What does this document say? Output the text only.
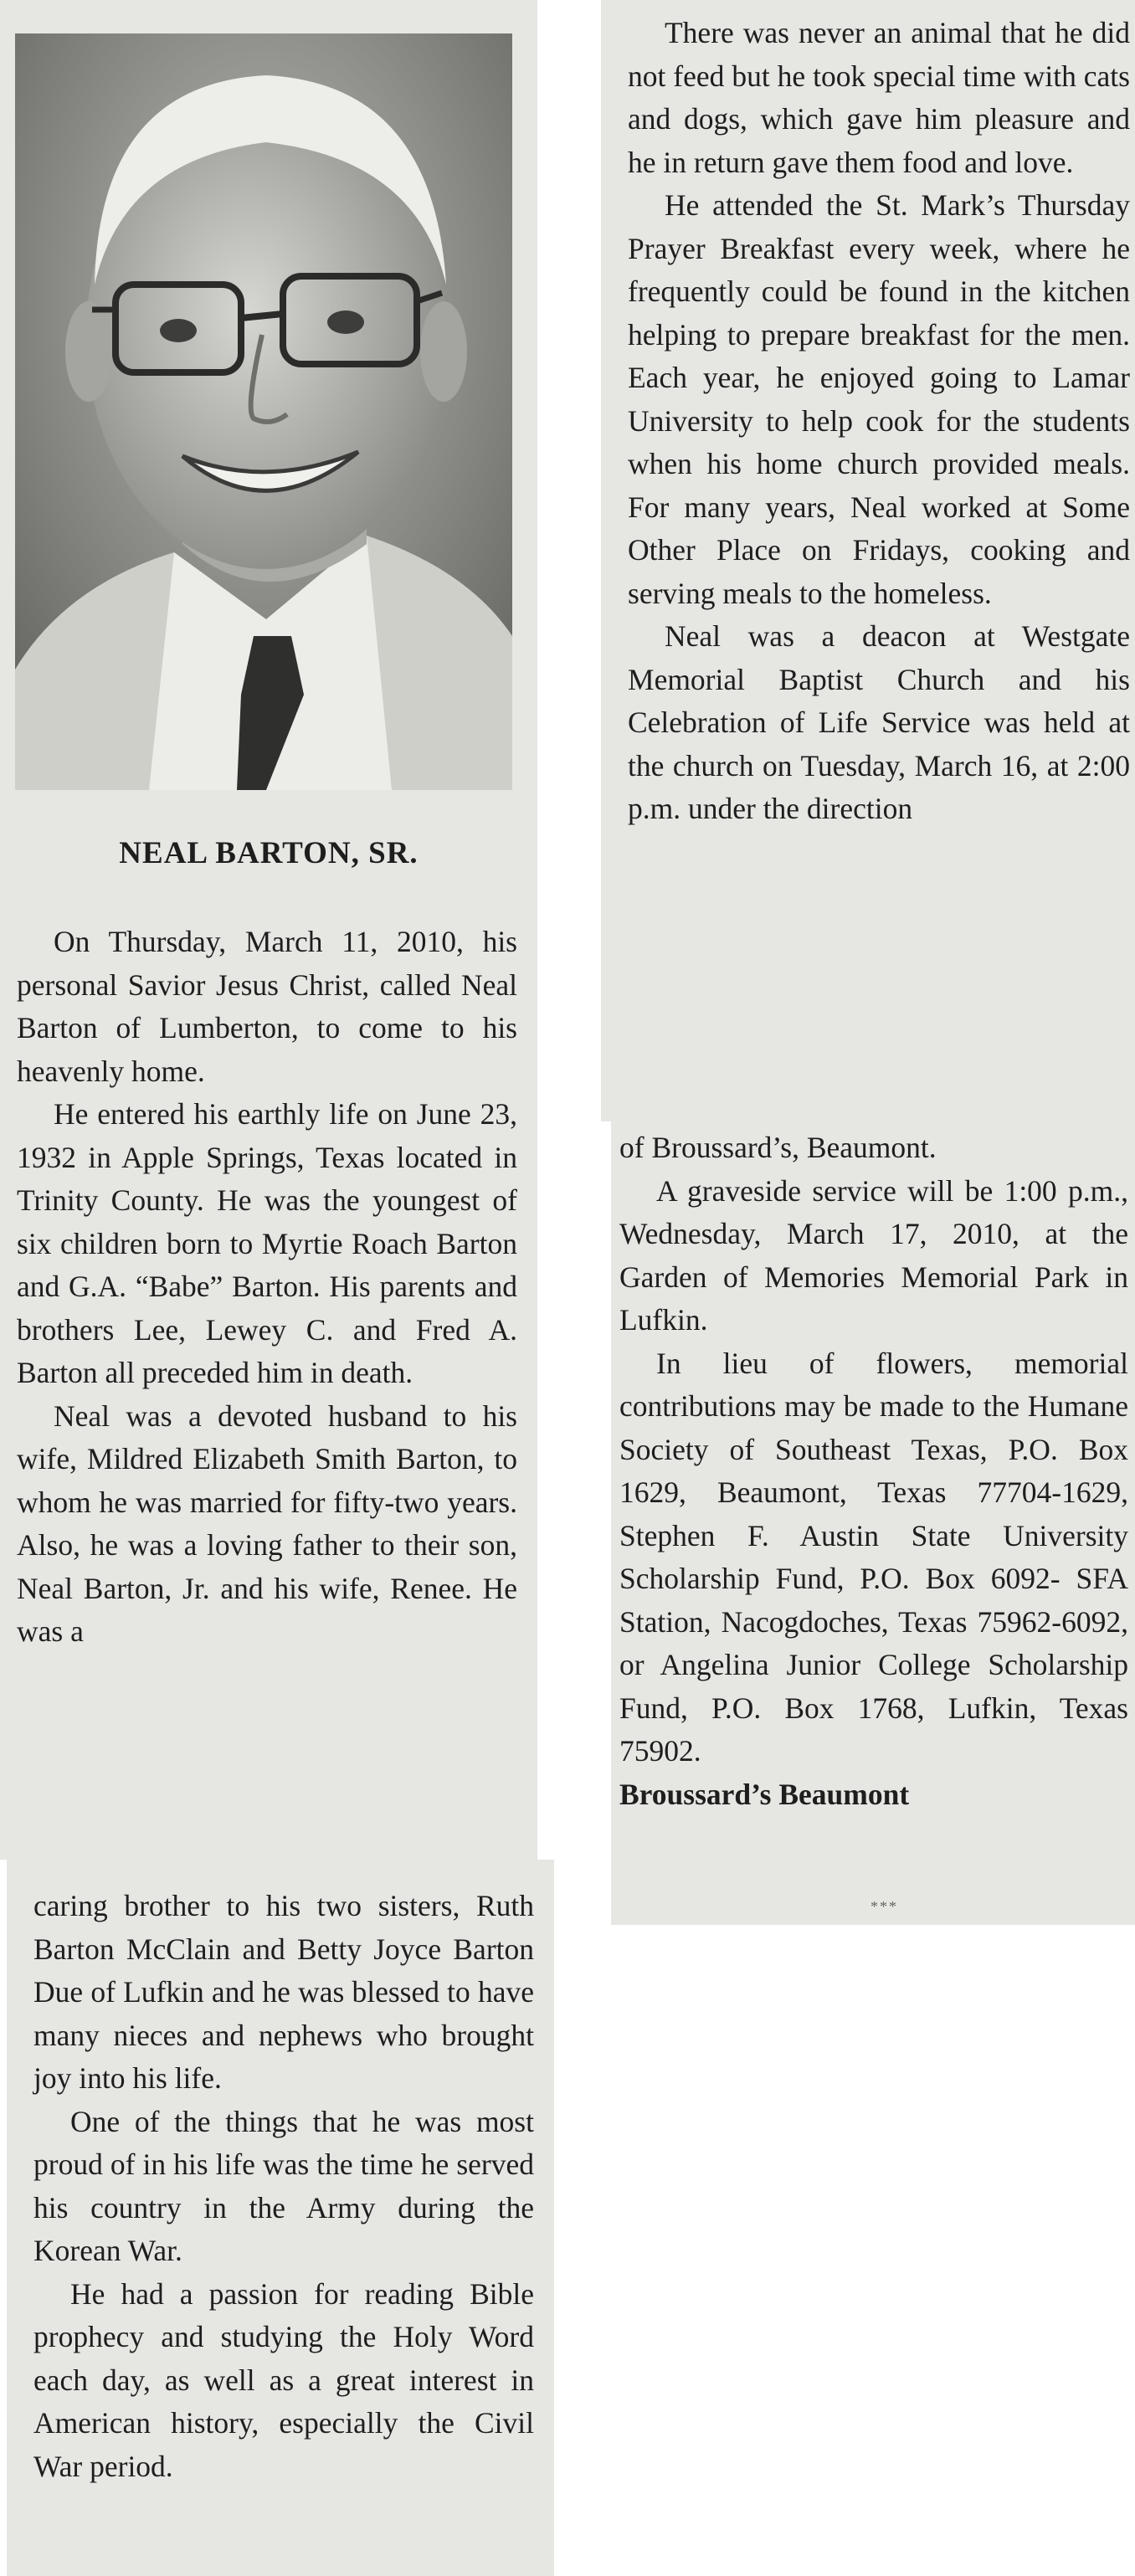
NEAL BARTON, SR.

On Thursday, March 11, 2010, his personal Savior Jesus Christ, called Neal Barton of Lumberton, to come to his heavenly home.

He entered his earthly life on June 23, 1932 in Apple Springs, Texas located in Trinity County. He was the youngest of six children born to Myrtie Roach Barton and G.A. “Babe” Barton. His parents and brothers Lee, Lewey C. and Fred A. Barton all preceded him in death.

Neal was a devoted husband to his wife, Mildred Elizabeth Smith Barton, to whom he was married for fifty-two years. Also, he was a loving father to their son, Neal Barton, Jr. and his wife, Renee. He was a

caring brother to his two sisters, Ruth Barton McClain and Betty Joyce Barton Due of Lufkin and he was blessed to have many nieces and nephews who brought joy into his life.

One of the things that he was most proud of in his life was the time he served his country in the Army during the Korean War.

He had a passion for reading Bible prophecy and studying the Holy Word each day, as well as a great interest in American history, especially the Civil War period.

There was never an animal that he did not feed but he took special time with cats and dogs, which gave him pleasure and he in return gave them food and love.

He attended the St. Mark’s Thursday Prayer Breakfast every week, where he frequently could be found in the kitchen helping to prepare breakfast for the men. Each year, he enjoyed going to Lamar University to help cook for the students when his home church provided meals. For many years, Neal worked at Some Other Place on Fridays, cooking and serving meals to the homeless.

Neal was a deacon at Westgate Memorial Baptist Church and his Celebration of Life Service was held at the church on Tuesday, March 16, at 2:00 p.m. under the direction

of Broussard’s, Beaumont.

A graveside service will be 1:00 p.m., Wednesday, March 17, 2010, at the Garden of Memories Memorial Park in Lufkin.

In lieu of flowers, memorial contributions may be made to the Humane Society of Southeast Texas, P.O. Box 1629, Beaumont, Texas 77704-1629, Stephen F. Austin State University Scholarship Fund, P.O. Box 6092- SFA Station, Nacogdoches, Texas 75962-6092, or Angelina Junior College Scholarship Fund, P.O. Box 1768, Lufkin, Texas 75902.

Broussard’s Beaumont

***
